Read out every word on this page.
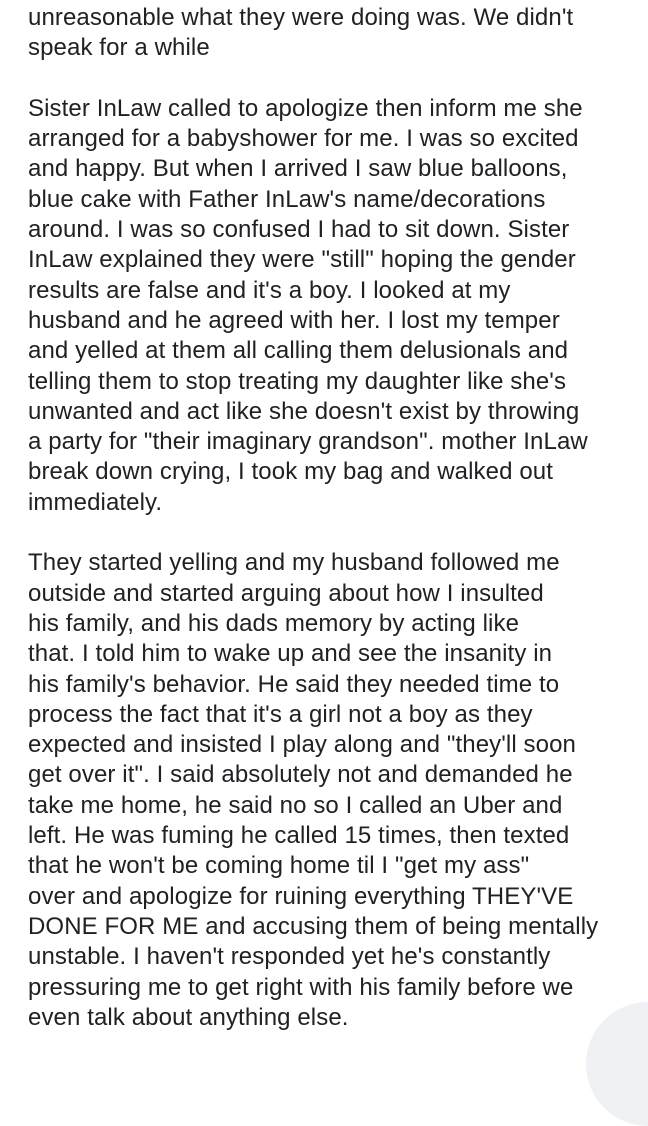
unreasonable what they were doing was. We didn't
speak for a while
Sister InLaw called to apologize then inform me she
arranged for a babyshower for me. I was so excited
and happy. But when I arrived I saw blue balloons,
blue cake with Father InLaw's name/decorations
around. I was so confused I had to sit down. Sister
InLaw explained they were "still" hoping the gender
results are false and it's a boy. I looked at my
husband and he agreed with her. I lost my temper
and yelled at them all calling them delusionals and
telling them to stop treating my daughter like she's
unwanted and act like she doesn't exist by throwing
a party for "their imaginary grandson". mother InLaw
break down crying, I took my bag and walked out
immediately.
They started yelling and my husband followed me
outside and started arguing about how I insulted
his family, and his dads memory by acting like
that. I told him to wake up and see the insanity in
his family's behavior. He said they needed time to
process the fact that it's a girl not a boy as they
expected and insisted I play along and "they'll soon
get over it". I said absolutely not and demanded he
take me home, he said no so I called an Uber and
left. He was fuming he called 15 times, then texted
that he won't be coming home til I "get my ass"
over and apologize for ruining everything THEY'VE
DONE FOR ME and accusing them of being mentally
unstable. I haven't responded yet he's constantly
pressuring me to get right with his family before we
even talk about anything else.
